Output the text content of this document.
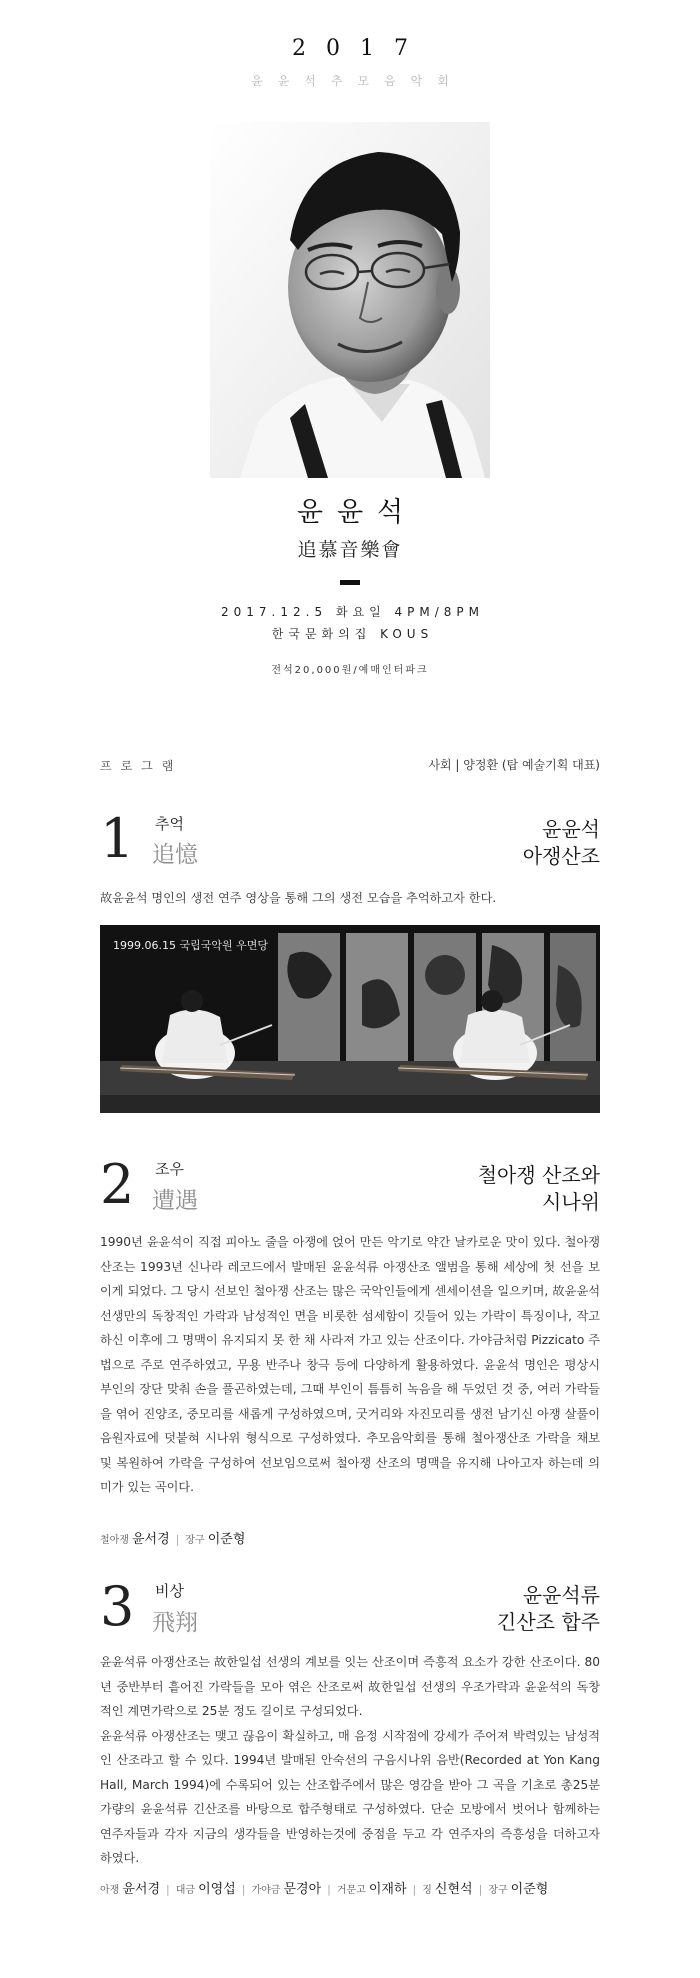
2017
윤윤석추모음악회
윤윤석
追慕音樂會
2017.12.5 화요일 4PM/8PM
한국문화의집 KOUS
전석20,000원/예매인터파크
프로그램	사회 | 양정환 (탑 예술기획 대표)
1 추억
追憶
윤윤석
아쟁산조
故윤윤석 명인의 생전 연주 영상을 통해 그의 생전 모습을 추억하고자 한다.
1999.06.15 국립국악원 우면당
2 조우
遭遇
철아쟁 산조와
시나위
1990년 윤윤석이 직접 피아노 줄을 아쟁에 얹어 만든 악기로 약간 날카로운 맛이 있다. 철아쟁 산조는 1993년 신나라 레코드에서 발매된 윤윤석류 아쟁산조 앨범을 통해 세상에 첫 선을 보이게 되었다. 그 당시 선보인 철아쟁 산조는 많은 국악인들에게 센세이션을 일으키며, 故윤윤석 선생만의 독창적인 가락과 남성적인 면을 비롯한 섬세함이 깃들어 있는 가락이 특징이나, 작고하신 이후에 그 명맥이 유지되지 못 한 채 사라져 가고 있는 산조이다. 가야금처럼 Pizzicato 주법으로 주로 연주하였고, 무용 반주나 창극 등에 다양하게 활용하였다. 윤윤석 명인은 평상시 부인의 장단 맞춰 손을 풀곤하였는데, 그때 부인이 틈틈히 녹음을 해 두었던 것 중, 여러 가락들을 엮어 진양조, 중모리를 새롭게 구성하였으며, 굿거리와 자진모리를 생전 남기신 아쟁 살풀이 음원자료에 덧붙혀 시나위 형식으로 구성하였다. 추모음악회를 통해 철아쟁산조 가락을 채보 및 복원하여 가락을 구성하여 선보임으로써 철아쟁 산조의 명맥을 유지해 나아고자 하는데 의미가 있는 곡이다.
철아쟁 윤서경 | 장구 이준형
3 비상
飛翔
윤윤석류
긴산조 합주

윤윤석류 아쟁산조는 故한일섭 선생의 계보를 잇는 산조이며 즉흥적 요소가 강한 산조이다. 80년 중반부터 흩어진 가락들을 모아 엮은 산조로써 故한일섭 선생의 우조가락과 윤윤석의 독창적인 계면가락으로 25분 정도 길이로 구성되었다.

윤윤석류 아쟁산조는 맺고 끊음이 확실하고, 매 음정 시작점에 강세가 주어져 박력있는 남성적인 산조라고 할 수 있다. 1994년 발매된 안숙선의 구음시나위 음반(Recorded at Yon Kang Hall, March 1994)에 수록되어 있는 산조합주에서 많은 영감을 받아 그 곡을 기초로 총25분 가량의 윤윤석류 긴산조를 바탕으로 합주형태로 구성하였다. 단순 모방에서 벗어나 함께하는 연주자들과 각자 지금의 생각들을 반영하는것에 중점을 두고 각 연주자의 즉흥성을 더하고자 하였다.

아쟁 윤서경 | 대금 이영섭 | 가야금 문경아 | 거문고 이재하 | 징 신현석 | 장구 이준형
